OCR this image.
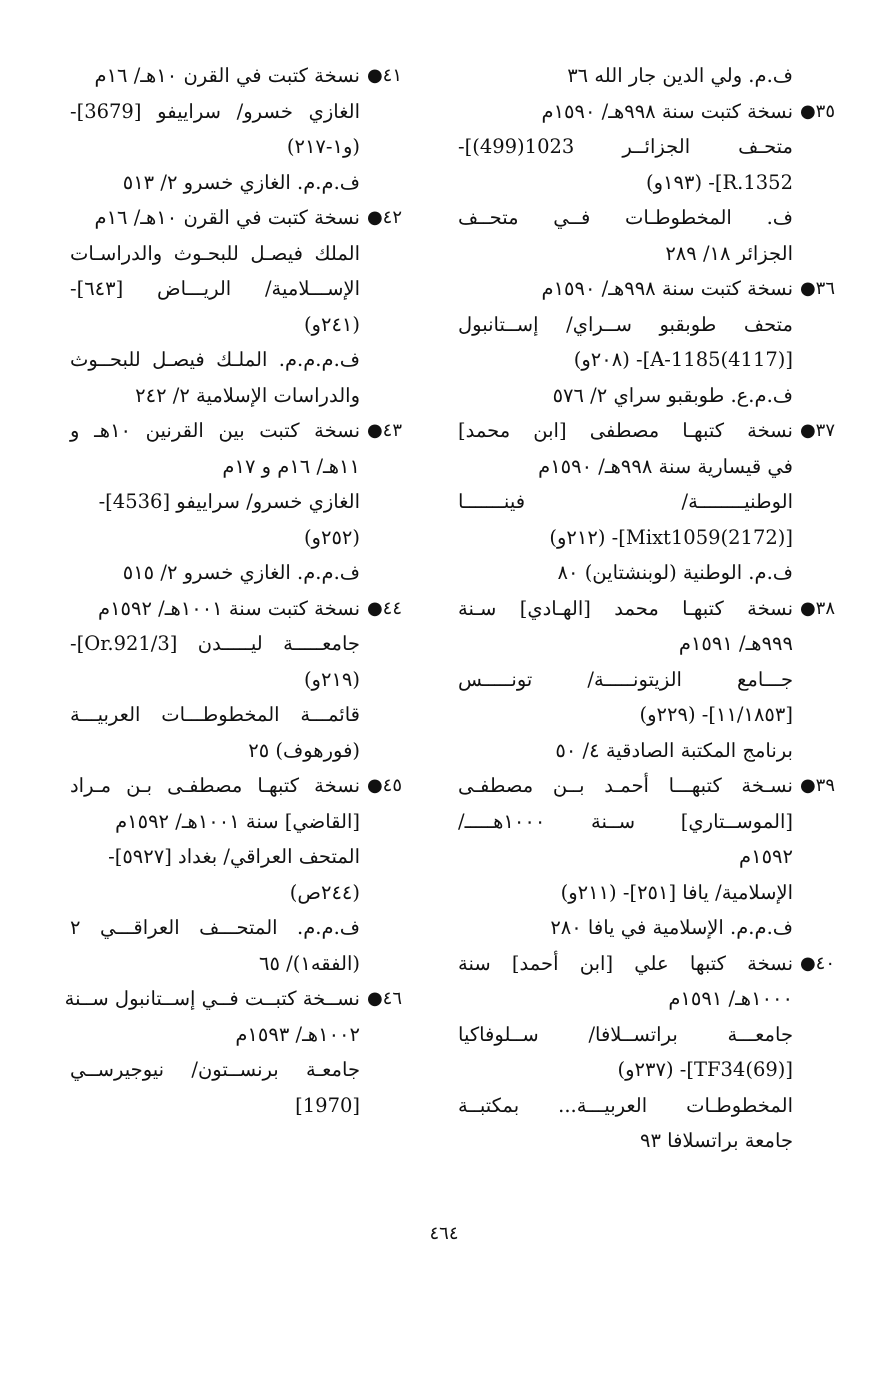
ف.م. ولي الدين جار الله ٣٦
٣٥●
نسخة كتبت سنة ٩٩٨هـ/ ١٥٩٠م
متحـف الجزائــر 1023(499)]-
R.1352]- (١٩٣و)
ف. المخطوطـات فــي متحــف
الجزائر ١٨/ ٢٨٩
٣٦●
نسخة كتبت سنة ٩٩٨هـ/ ١٥٩٠م
متحف طوبقبو ســراي/ إســتانبول
[(4117)A-1185]- (٢٠٨و)
ف.م.ع. طوبقبو سراي ٢/ ٥٧٦
٣٧●
نسخة كتبهـا مصطفى [ابن محمد]
في قيسارية سنة ٩٩٨هـ/ ١٥٩٠م
الوطنيــــــــة/ فينـــــــا
[(2172)Mixt1059]- (٢١٢و)
ف.م. الوطنية (لوبنشتاين) ٨٠
٣٨●
نسخة كتبهـا محمد [الهـادي] سـنة
٩٩٩هـ/ ١٥٩١م
جـــامع الزيتونـــــة/ تونـــــس
[١١/١٨٥٣]- (٢٢٩و)
برنامج المكتبة الصادقية ٤/ ٥٠
٣٩●
نسـخة كتبهـــا أحمـد بــن مصطفـى
[الموســتاري] ســنة ١٠٠٠هـــــ/
١٥٩٢م
الإسلامية/ يافا [٢٥١]- (٢١١و)
ف.م.م. الإسلامية في يافا ٢٨٠
٤٠●
نسخة كتبها علي [ابن أحمد] سنة
١٠٠٠هـ/ ١٥٩١م
جامعـــة براتســلافا/ ســلوفاكيا
[(69)TF34]- (٢٣٧و)
المخطوطـات العربيـــة... بمكتبــة
جامعة براتسلافا ٩٣
٤١●
نسخة كتبت في القرن ١٠هـ/ ١٦م
الغازي خسرو/ سراييفو [3679]-
(و١-٢١٧)
ف.م.م. الغازي خسرو ٢/ ٥١٣
٤٢●
نسخة كتبت في القرن ١٠هـ/ ١٦م
الملك فيصـل للبحـوث والدراسـات
الإســـلامية/ الريـــاض [٦٤٣]-
(٢٤١و)
ف.م.م.م. الملـك فيصـل للبحــوث
والدراسات الإسلامية ٢/ ٢٤٢
٤٣●
نسخة كتبت بين القرنين ١٠هـ و
١١هـ/ ١٦م و ١٧م
الغازي خسرو/ سراييفو [4536]-
(٢٥٢و)
ف.م.م. الغازي خسرو ٢/ ٥١٥
٤٤●
نسخة كتبت سنة ١٠٠١هـ/ ١٥٩٢م
جامعـــــة ليـــــدن [Or.921/3]-
(٢١٩و)
قائمـــة المخطوطـــات العربيـــة
(فورهوف) ٢٥
٤٥●
نسخة كتبهـا مصطفـى بـن مـراد
[القاضي] سنة ١٠٠١هـ/ ١٥٩٢م
المتحف العراقي/ بغداد [٥٩٢٧]-
(٢٤٤ص)
ف.م.م. المتحـــف العراقـــي ٢
(الفقه١)/ ٦٥
٤٦●
نســخة كتبــت فــي إســتانبول ســنة
١٠٠٢هـ/ ١٥٩٣م
جامعـة برنســتون/ نيوجيرســي
[1970]
٤٦٤
